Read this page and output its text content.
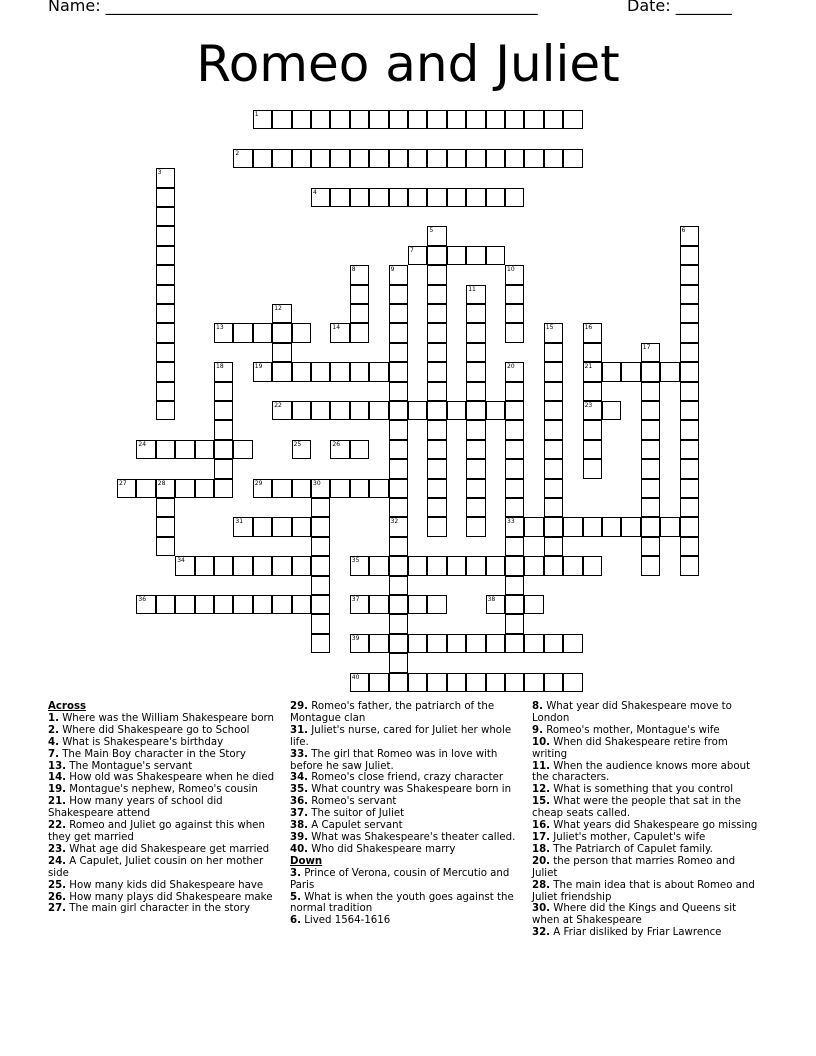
Name: ______________________________________________________	Date: _______
Romeo and Juliet
1
2
3
4
5	6
7
8	9	10
11
12
13	14	15	16
17
18	19	20	21
22	23
24	25	26
27	28	29	30
31	32	33
34	35
36	37	38
39
40
Across
1. Where was the William Shakespeare born
2. Where did Shakespeare go to School
4. What is Shakespeare's birthday
7. The Main Boy character in the Story
13. The Montague's servant
14. How old was Shakespeare when he died
19. Montague's nephew, Romeo's cousin
21. How many years of school did Shakespeare attend
22. Romeo and Juliet go against this when they get married
23. What age did Shakespeare get married
24. A Capulet, Juliet cousin on her mother side
25. How many kids did Shakespeare have
26. How many plays did Shakespeare make
27. The main girl character in the story
29. Romeo's father, the patriarch of the Montague clan
31. Juliet's nurse, cared for Juliet her whole life.
33. The girl that Romeo was in love with before he saw Juliet.
34. Romeo's close friend, crazy character
35. What country was Shakespeare born in
36. Romeo's servant
37. The suitor of Juliet
38. A Capulet servant
39. What was Shakespeare's theater called.
40. Who did Shakespeare marry
Down
3. Prince of Verona, cousin of Mercutio and Paris
5. What is when the youth goes against the normal tradition
6. Lived 1564-1616
8. What year did Shakespeare move to London
9. Romeo's mother, Montague's wife
10. When did Shakespeare retire from writing
11. When the audience knows more about the characters.
12. What is something that you control
15. What were the people that sat in the cheap seats called.
16. What years did Shakespeare go missing
17. Juliet's mother, Capulet's wife
18. The Patriarch of Capulet family.
20. the person that marries Romeo and Juliet
28. The main idea that is about Romeo and Juliet friendship
30. Where did the Kings and Queens sit when at Shakespeare
32. A Friar disliked by Friar Lawrence
